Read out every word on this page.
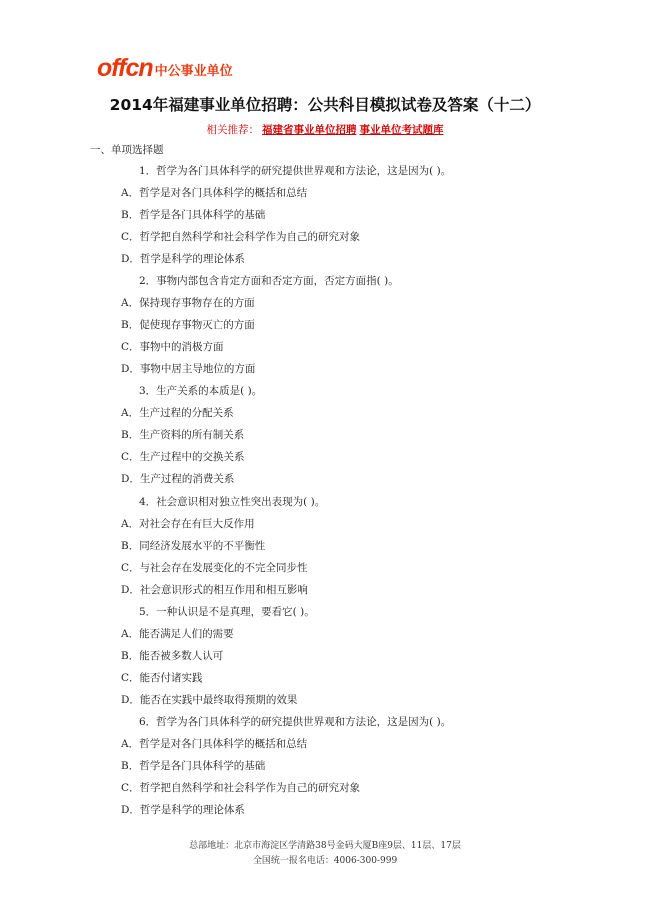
offcn 中公事业单位
2014年福建事业单位招聘：公共科目模拟试卷及答案（十二）
相关推荐： 福建省事业单位招聘 事业单位考试题库
一、单项选择题
1．哲学为各门具体科学的研究提供世界观和方法论，这是因为( )。
A．哲学是对各门具体科学的概括和总结
B．哲学是各门具体科学的基础
C．哲学把自然科学和社会科学作为自己的研究对象
D．哲学是科学的理论体系
2．事物内部包含肯定方面和否定方面，否定方面指( )。
A．保持现存事物存在的方面
B．促使现存事物灭亡的方面
C．事物中的消极方面
D．事物中居主导地位的方面
3．生产关系的本质是( )。
A．生产过程的分配关系
B．生产资料的所有制关系
C．生产过程中的交换关系
D．生产过程的消费关系
4．社会意识相对独立性突出表现为( )。
A．对社会存在有巨大反作用
B．同经济发展水平的不平衡性
C．与社会存在发展变化的不完全同步性
D．社会意识形式的相互作用和相互影响
5．一种认识是不是真理，要看它( )。
A．能否满足人们的需要
B．能否被多数人认可
C．能否付诸实践
D．能否在实践中最终取得预期的效果
6．哲学为各门具体科学的研究提供世界观和方法论，这是因为( )。
A．哲学是对各门具体科学的概括和总结
B．哲学是各门具体科学的基础
C．哲学把自然科学和社会科学作为自己的研究对象
D．哲学是科学的理论体系
总部地址：北京市海淀区学清路38号金码大厦B座9层、11层、17层
全国统一报名电话：4006-300-999
